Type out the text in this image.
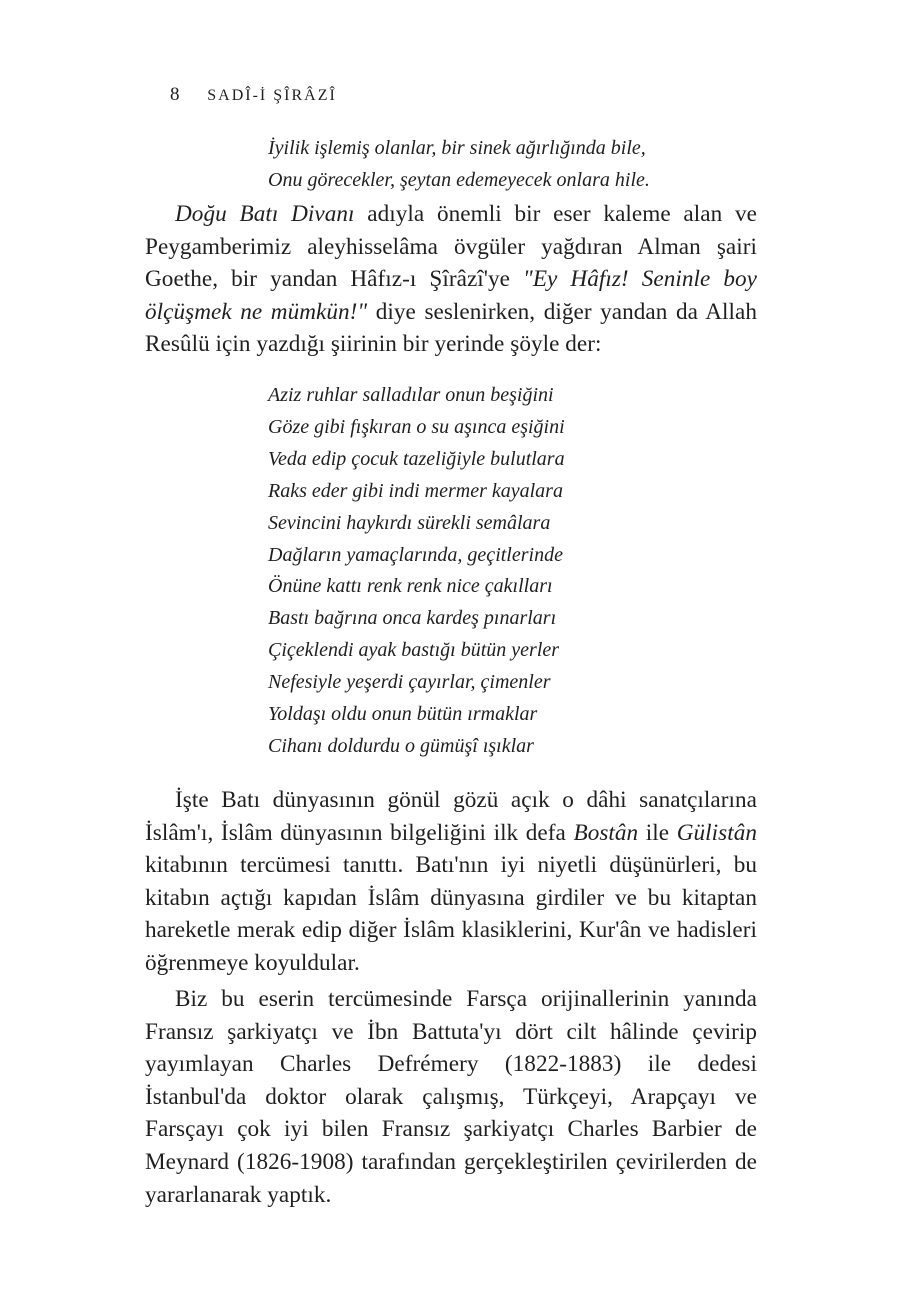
8 SADÎ-İ ŞÎRÂZÎ
İyilik işlemiş olanlar, bir sinek ağırlığında bile,
Onu görecekler, şeytan edemeyecek onlara hile.
Doğu Batı Divanı adıyla önemli bir eser kaleme alan ve Peygamberimiz aleyhisselâma övgüler yağdıran Alman şairi Goethe, bir yandan Hâfız-ı Şîrâzî'ye "Ey Hâfız! Seninle boy ölçüşmek ne mümkün!" diye seslenirken, diğer yandan da Allah Resûlü için yazdığı şiirinin bir yerinde şöyle der:
Aziz ruhlar salladılar onun beşiğini
Göze gibi fışkıran o su aşınca eşiğini
Veda edip çocuk tazeliğiyle bulutlara
Raks eder gibi indi mermer kayalara
Sevincini haykırdı sürekli semâlara
Dağların yamaçlarında, geçitlerinde
Önüne kattı renk renk nice çakılları
Bastı bağrına onca kardeş pınarları
Çiçeklendi ayak bastığı bütün yerler
Nefesiyle yeşerdi çayırlar, çimenler
Yoldaşı oldu onun bütün ırmaklar
Cihanı doldurdu o gümüşî ışıklar
İşte Batı dünyasının gönül gözü açık o dâhi sanatçılarına İslâm'ı, İslâm dünyasının bilgeliğini ilk defa Bostân ile Gülistân kitabının tercümesi tanıttı. Batı'nın iyi niyetli düşünürleri, bu kitabın açtığı kapıdan İslâm dünyasına girdiler ve bu kitaptan hareketle merak edip diğer İslâm klasiklerini, Kur'ân ve hadisleri öğrenmeye koyuldular.
Biz bu eserin tercümesinde Farsça orijinallerinin yanında Fransız şarkiyatçı ve İbn Battuta'yı dört cilt hâlinde çevirip yayımlayan Charles Defrémery (1822-1883) ile dedesi İstanbul'da doktor olarak çalışmış, Türkçeyi, Arapçayı ve Farsçayı çok iyi bilen Fransız şarkiyatçı Charles Barbier de Meynard (1826-1908) tarafından gerçekleştirilen çevirilerden de yararlanarak yaptık.
